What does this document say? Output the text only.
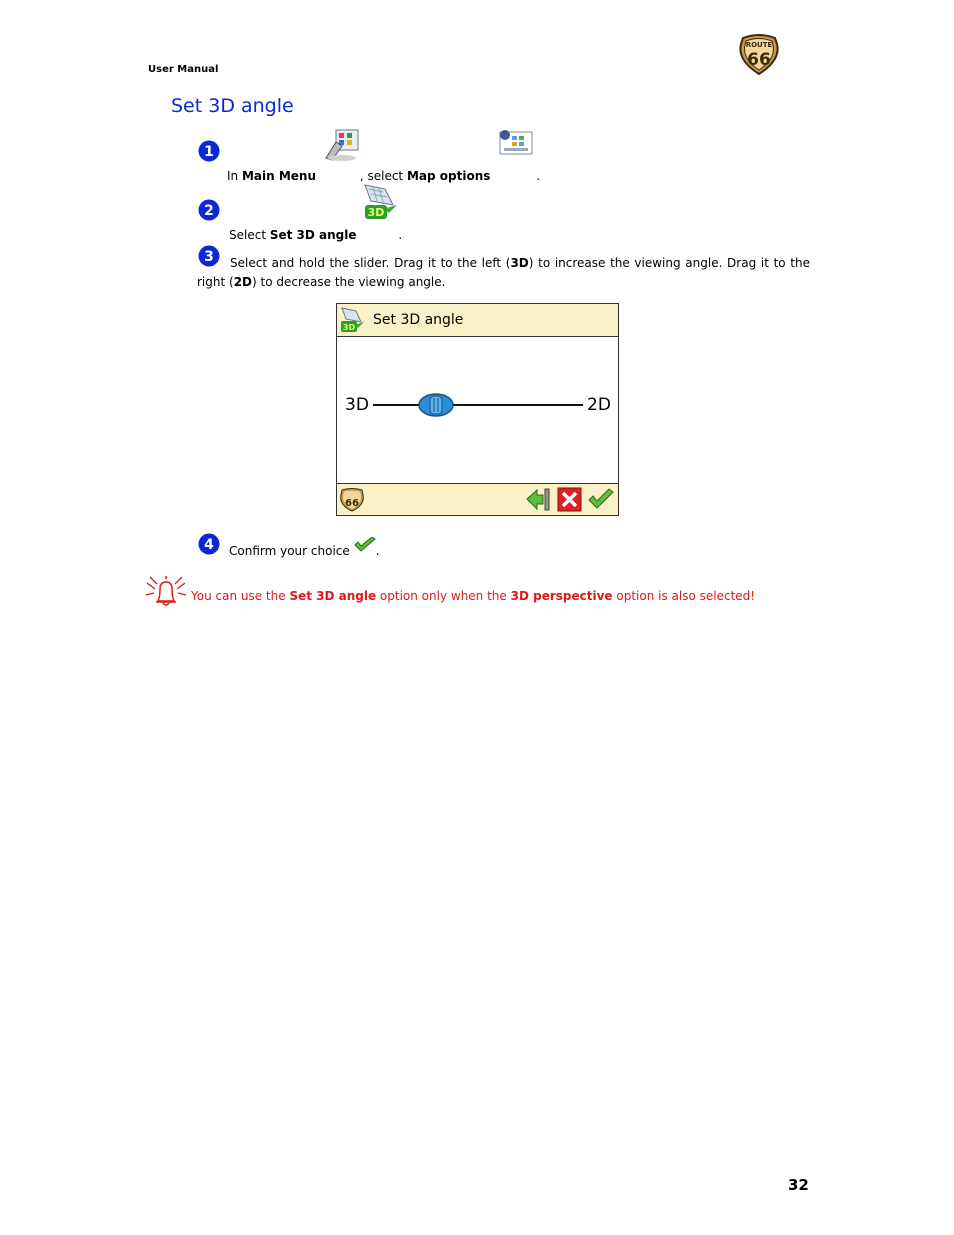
User Manual
ROUTE
66
Set 3D angle
1
In Main Menu	, select Map options	.
2
Select Set 3D angle
3D
.
3	Select and hold the slider. Drag it to the left (3D) to increase the viewing angle. Drag it to the right (2D) to decrease the viewing angle.
3D Set 3D angle
3D	2D
66
4 Confirm your choice
.
You can use the Set 3D angle option only when the 3D perspective option is also selected!
32
